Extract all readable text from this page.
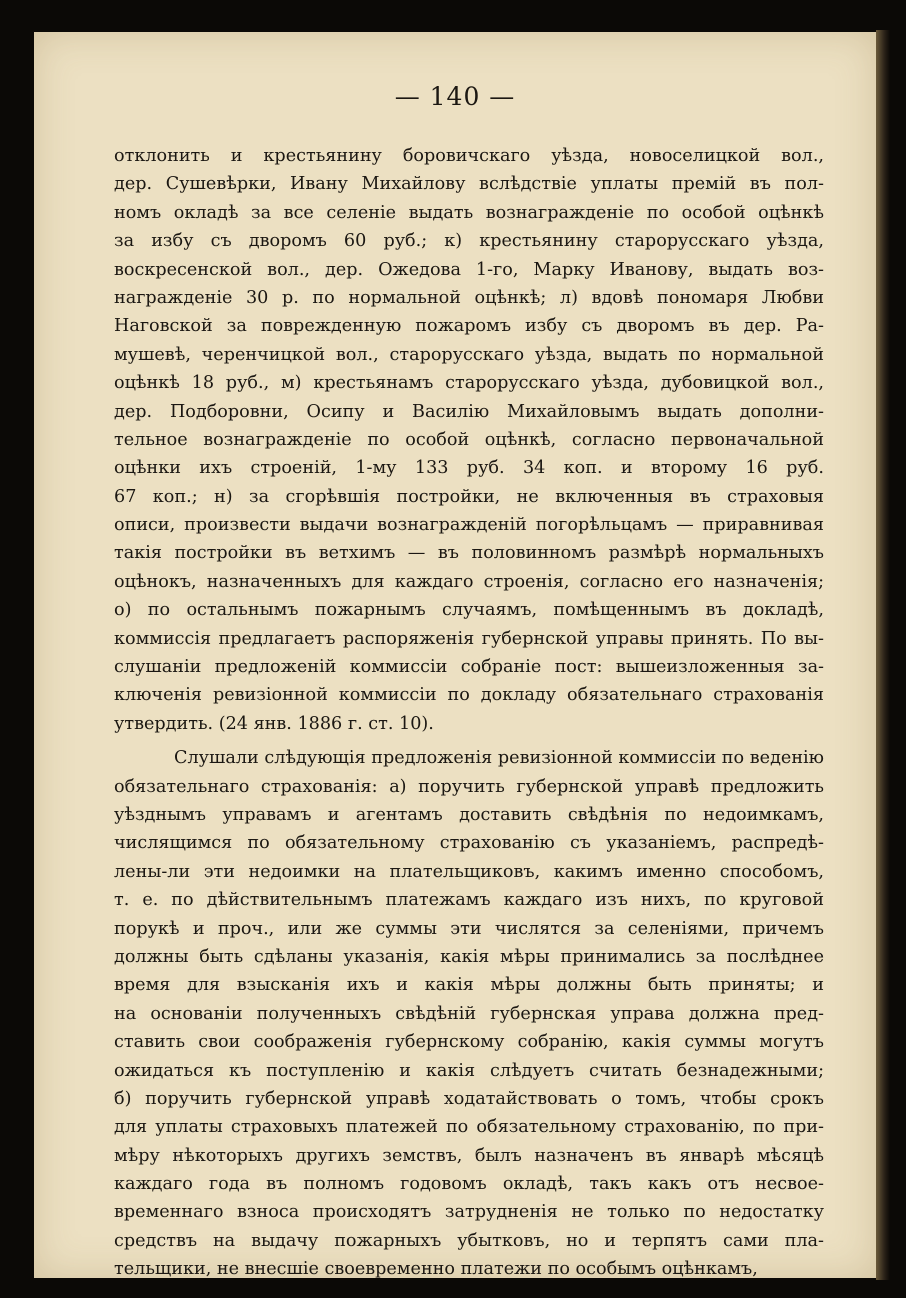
— 140 —
отклонить и крестьянину боровичскаго уѣзда, новоселицкой вол.,
дер. Сушевѣрки, Ивану Михайлову вслѣдствіе уплаты премій въ пол-
номъ окладѣ за все селеніе выдать вознагражденіе по особой оцѣнкѣ
за избу съ дворомъ 60 руб.; к) крестьянину старорусскаго уѣзда,
воскресенской вол., дер. Ожедова 1-го, Марку Иванову, выдать воз-
награжденіе 30 р. по нормальной оцѣнкѣ; л) вдовѣ пономаря Любви
Наговской за поврежденную пожаромъ избу съ дворомъ въ дер. Ра-
мушевѣ, черенчицкой вол., старорусскаго уѣзда, выдать по нормальной
оцѣнкѣ 18 руб., м) крестьянамъ старорусскаго уѣзда, дубовицкой вол.,
дер. Подборовни, Осипу и Василію Михайловымъ выдать дополни-
тельное вознагражденіе по особой оцѣнкѣ, согласно первоначальной
оцѣнки ихъ строеній, 1-му 133 руб. 34 коп. и второму 16 руб.
67 коп.; н) за сгорѣвшія постройки, не включенныя въ страховыя
описи, произвести выдачи вознагражденій погорѣльцамъ — приравнивая
такія постройки въ ветхимъ — въ половинномъ размѣрѣ нормальныхъ
оцѣнокъ, назначенныхъ для каждаго строенія, согласно его назначенія;
о) по остальнымъ пожарнымъ случаямъ, помѣщеннымъ въ докладѣ,
коммиссія предлагаетъ распоряженія губернской управы принять. По вы-
слушаніи предложеній коммиссіи собраніе пост: вышеизложенныя за-
ключенія ревизіонной коммиссіи по докладу обязательнаго страхованія
утвердить. (24 янв. 1886 г. ст. 10).
Слушали слѣдующія предложенія ревизіонной коммиссіи по веденію
обязательнаго страхованія: а) поручить губернской управѣ предложить
уѣзднымъ управамъ и агентамъ доставить свѣдѣнія по недоимкамъ,
числящимся по обязательному страхованію съ указаніемъ, распредѣ-
лены-ли эти недоимки на плательщиковъ, какимъ именно способомъ,
т. е. по дѣйствительнымъ платежамъ каждаго изъ нихъ, по круговой
порукѣ и проч., или же суммы эти числятся за селеніями, причемъ
должны быть сдѣланы указанія, какія мѣры принимались за послѣднее
время для взысканія ихъ и какія мѣры должны быть приняты; и
на основаніи полученныхъ свѣдѣній губернская управа должна пред-
ставить свои соображенія губернскому собранію, какія суммы могутъ
ожидаться къ поступленію и какія слѣдуетъ считать безнадежными;
б) поручить губернской управѣ ходатайствовать о томъ, чтобы срокъ
для уплаты страховыхъ платежей по обязательному страхованію, по при-
мѣру нѣкоторыхъ другихъ земствъ, былъ назначенъ въ январѣ мѣсяцѣ
каждаго года въ полномъ годовомъ окладѣ, такъ какъ отъ несвоe-
временнаго взноса происходятъ затрудненія не только по недостатку
средствъ на выдачу пожарныхъ убытковъ, но и терпятъ сами пла-
тельщики, не внесшіе своевременно платежи по особымъ оцѣнкамъ,
